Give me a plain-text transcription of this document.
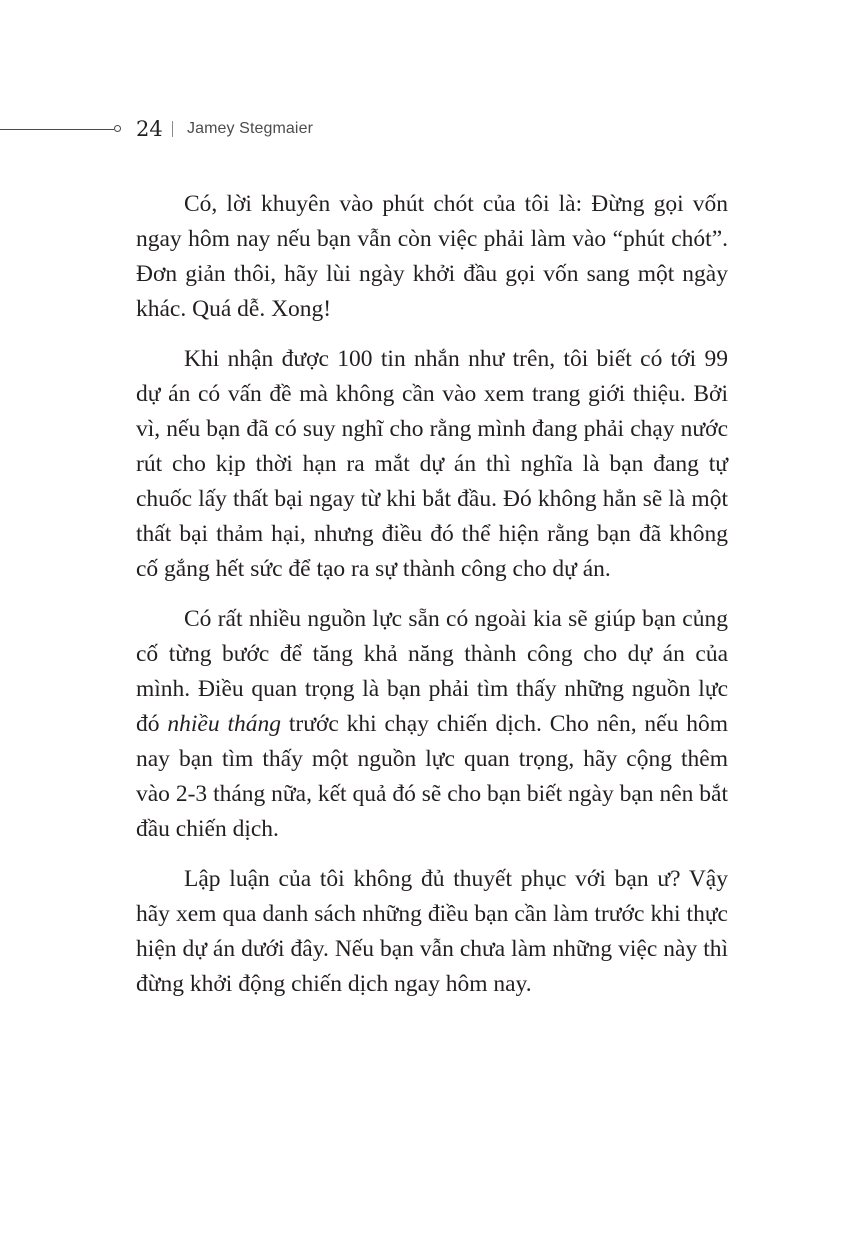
24 Jamey Stegmaier

Có, lời khuyên vào phút chót của tôi là: Đừng gọi vốn ngay hôm nay nếu bạn vẫn còn việc phải làm vào “phút chót”. Đơn giản thôi, hãy lùi ngày khởi đầu gọi vốn sang một ngày khác. Quá dễ. Xong!

Khi nhận được 100 tin nhắn như trên, tôi biết có tới 99 dự án có vấn đề mà không cần vào xem trang giới thiệu. Bởi vì, nếu bạn đã có suy nghĩ cho rằng mình đang phải chạy nước rút cho kịp thời hạn ra mắt dự án thì nghĩa là bạn đang tự chuốc lấy thất bại ngay từ khi bắt đầu. Đó không hẳn sẽ là một thất bại thảm hại, nhưng điều đó thể hiện rằng bạn đã không cố gắng hết sức để tạo ra sự thành công cho dự án.

Có rất nhiều nguồn lực sẵn có ngoài kia sẽ giúp bạn củng cố từng bước để tăng khả năng thành công cho dự án của mình. Điều quan trọng là bạn phải tìm thấy những nguồn lực đó nhiều tháng trước khi chạy chiến dịch. Cho nên, nếu hôm nay bạn tìm thấy một nguồn lực quan trọng, hãy cộng thêm vào 2-3 tháng nữa, kết quả đó sẽ cho bạn biết ngày bạn nên bắt đầu chiến dịch.

Lập luận của tôi không đủ thuyết phục với bạn ư? Vậy hãy xem qua danh sách những điều bạn cần làm trước khi thực hiện dự án dưới đây. Nếu bạn vẫn chưa làm những việc này thì đừng khởi động chiến dịch ngay hôm nay.
